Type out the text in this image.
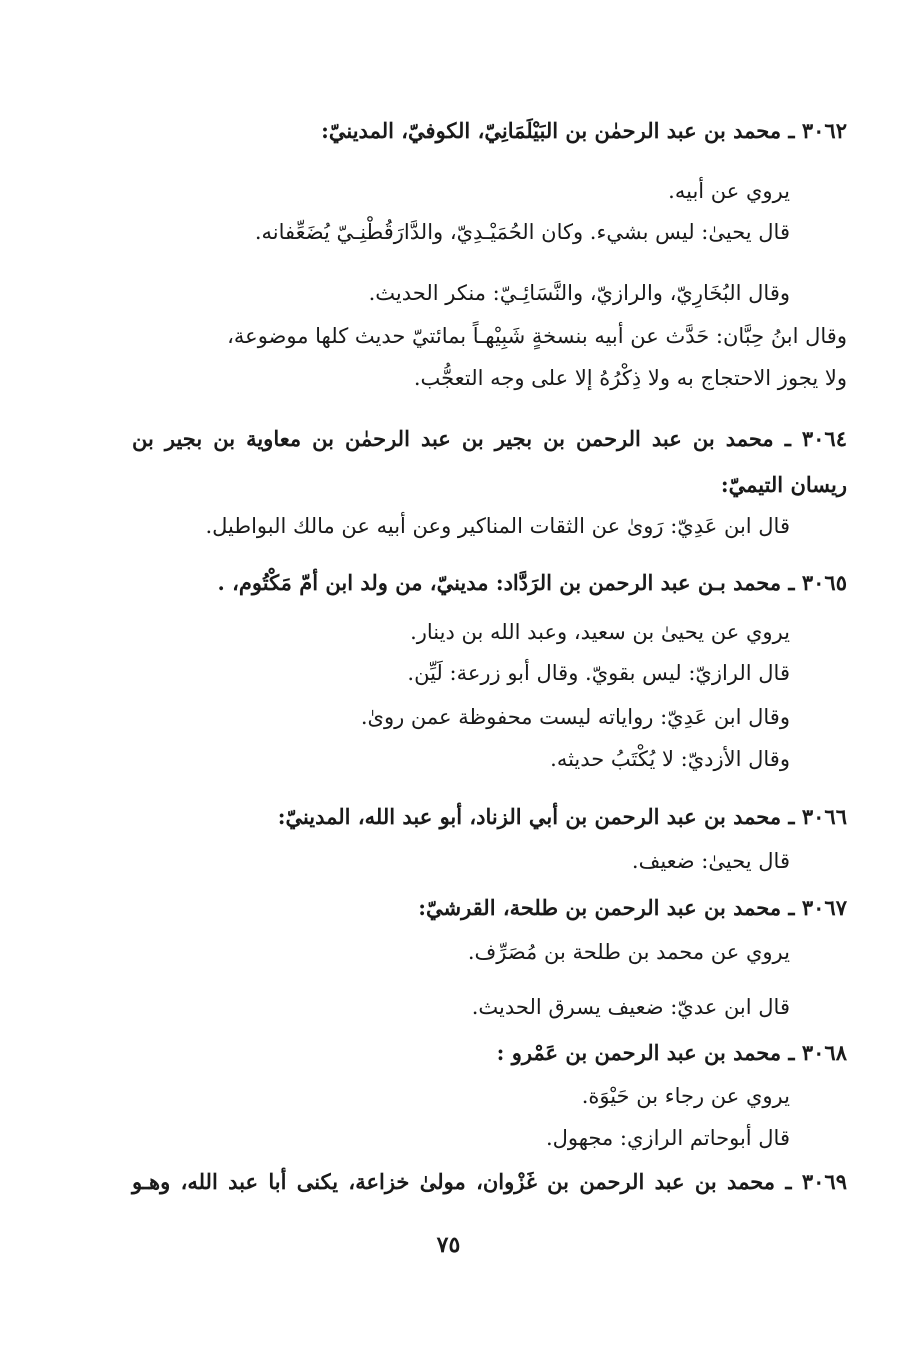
٣٠٦٢ ـ محمد بن عبد الرحمٰن بن البَيْلَمَانِيّ، الكوفيّ، المدينيّ:
يروي عن أبيه.
قال يحيىٰ: ليس بشيء. وكان الحُمَيْـدِيّ، والدَّارَقُطْنِـيّ يُضَعِّفانه.
وقال البُخَارِيّ، والرازيّ، والنَّسَائِـيّ: منكر الحديث.
وقال ابنُ حِبَّان: حَدَّث عن أبيه بنسخةٍ شَبِيْهـاً بمائتيّ حديث كلها موضوعة،
ولا يجوز الاحتجاج به ولا ذِكْرُهُ إلا على وجه التعجُّب.
٣٠٦٤ ـ محمد بن عبد الرحمن بن بجير بن عبد الرحمٰن بن معاوية بن بجير بن
ريسان التيميّ:
قال ابن عَدِيّ: رَوىٰ عن الثقات المناكير وعن أبيه عن مالك البواطيل.
٣٠٦٥ ـ محمد بـن عبد الرحمن بن الرَدَّاد: مدينيّ، من ولد ابن أمّ مَكْتُوم، .
يروي عن يحيىٰ بن سعيد، وعبد الله بن دينار.
قال الرازيّ: ليس بقويّ. وقال أبو زرعة: لَيِّن.
وقال ابن عَدِيّ: رواياته ليست محفوظة عمن روىٰ.
وقال الأزديّ: لا يُكْتَبُ حديثه.
٣٠٦٦ ـ محمد بن عبد الرحمن بن أبي الزناد، أبو عبد الله، المدينيّ:
قال يحيىٰ: ضعيف.
٣٠٦٧ ـ محمد بن عبد الرحمن بن طلحة، القرشيّ:
يروي عن محمد بن طلحة بن مُصَرِّف.
قال ابن عديّ: ضعيف يسرق الحديث.
٣٠٦٨ ـ محمد بن عبد الرحمن بن عَمْرو :
يروي عن رجاء بن حَيْوَة.
قال أبوحاتم الرازي: مجهول.
٣٠٦٩ ـ محمد بن عبد الرحمن بن غَزْوان، مولىٰ خزاعة، يكنى أبا عبد الله، وهـو
٧٥
